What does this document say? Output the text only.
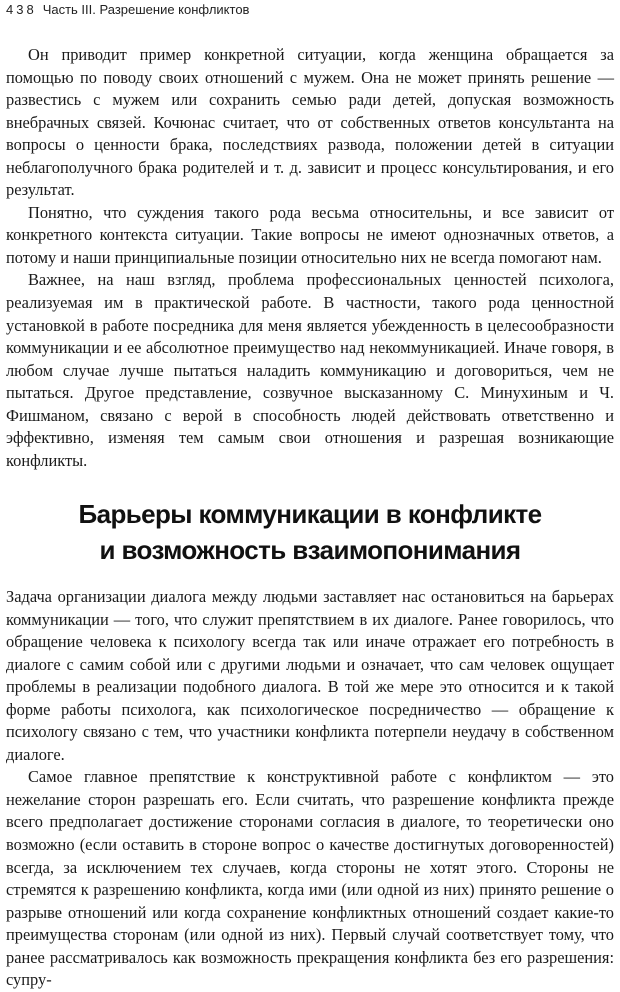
438 Часть III. Разрешение конфликтов

Он приводит пример конкретной ситуации, когда женщина обращается за помощью по поводу своих отношений с мужем. Она не может принять решение — развестись с мужем или сохранить семью ради детей, допуская возможность внебрачных связей. Кочюнас считает, что от собственных ответов консультанта на вопросы о ценности брака, последствиях развода, положении детей в ситуации неблагополучного брака родителей и т. д. зависит и процесс консультирования, и его результат.

Понятно, что суждения такого рода весьма относительны, и все зависит от конкретного контекста ситуации. Такие вопросы не имеют однозначных ответов, а потому и наши принципиальные позиции относительно них не всегда помогают нам.

Важнее, на наш взгляд, проблема профессиональных ценностей психолога, реализуемая им в практической работе. В частности, такого рода ценностной установкой в работе посредника для меня является убежденность в целесообразности коммуникации и ее абсолютное преимущество над некоммуникацией. Иначе говоря, в любом случае лучше пытаться наладить коммуникацию и договориться, чем не пытаться. Другое представление, созвучное высказанному С. Минухиным и Ч. Фишманом, связано с верой в способность людей действовать ответственно и эффективно, изменяя тем самым свои отношения и разрешая возникающие конфликты.

Барьеры коммуникации в конфликте
и возможность взаимопонимания

Задача организации диалога между людьми заставляет нас остановиться на барьерах коммуникации — того, что служит препятствием в их диалоге. Ранее говорилось, что обращение человека к психологу всегда так или иначе отражает его потребность в диалоге с самим собой или с другими людьми и означает, что сам человек ощущает проблемы в реализации подобного диалога. В той же мере это относится и к такой форме работы психолога, как психологическое посредничество — обращение к психологу связано с тем, что участники конфликта потерпели неудачу в собственном диалоге.

Самое главное препятствие к конструктивной работе с конфликтом — это нежелание сторон разрешать его. Если считать, что разрешение конфликта прежде всего предполагает достижение сторонами согласия в диалоге, то теоретически оно возможно (если оставить в стороне вопрос о качестве достигнутых договоренностей) всегда, за исключением тех случаев, когда стороны не хотят этого. Стороны не стремятся к разрешению конфликта, когда ими (или одной из них) принято решение о разрыве отношений или когда сохранение конфликтных отношений создает какие-то преимущества сторонам (или одной из них). Первый случай соответствует тому, что ранее рассматривалось как возможность прекращения конфликта без его разрешения: супру-
